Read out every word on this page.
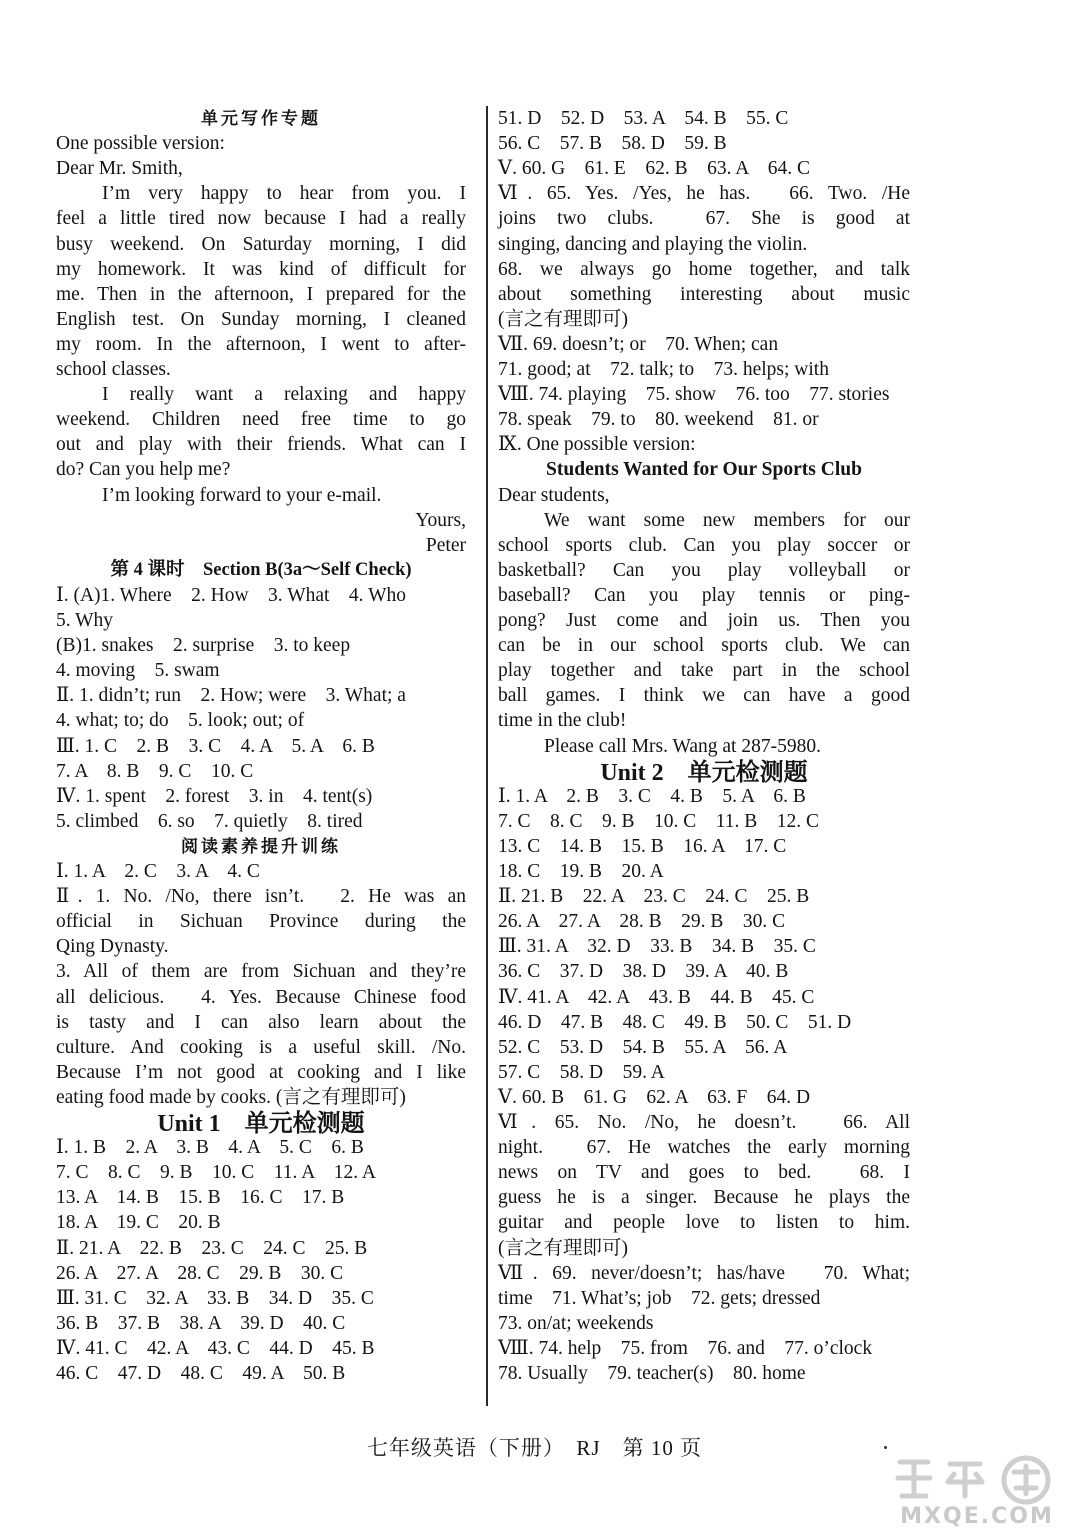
单元写作专题
One possible version:
Dear Mr. Smith,
I’m very happy to hear from you. I
feel a little tired now because I had a really
busy weekend. On Saturday morning, I did
my homework. It was kind of difficult for
me. Then in the afternoon, I prepared for the
English test. On Sunday morning, I cleaned
my room. In the afternoon, I went to after-
school classes.
I really want a relaxing and happy
weekend. Children need free time to go
out and play with their friends. What can I
do? Can you help me?
I’m looking forward to your e-mail.
Yours,
Peter
第 4 课时　Section B(3a～Self Check)
Ⅰ. (A)1. Where　2. How　3. What　4. Who
5. Why
(B)1. snakes　2. surprise　3. to keep
4. moving　5. swam
Ⅱ. 1. didn’t; run　2. How; were　3. What; a
4. what; to; do　5. look; out; of
Ⅲ. 1. C　2. B　3. C　4. A　5. A　6. B
7. A　8. B　9. C　10. C
Ⅳ. 1. spent　2. forest　3. in　4. tent(s)
5. climbed　6. so　7. quietly　8. tired
阅读素养提升训练
Ⅰ. 1. A　2. C　3. A　4. C
Ⅱ. 1. No. /No, there isn’t.　2. He was an
official in Sichuan Province during the
Qing Dynasty.
3. All of them are from Sichuan and they’re
all delicious.　4. Yes. Because Chinese food
is tasty and I can also learn about the
culture. And cooking is a useful skill. /No.
Because I’m not good at cooking and I like
eating food made by cooks. (言之有理即可)
Unit 1　单元检测题
Ⅰ. 1. B　2. A　3. B　4. A　5. C　6. B
7. C　8. C　9. B　10. C　11. A　12. A
13. A　14. B　15. B　16. C　17. B
18. A　19. C　20. B
Ⅱ. 21. A　22. B　23. C　24. C　25. B
26. A　27. A　28. C　29. B　30. C
Ⅲ. 31. C　32. A　33. B　34. D　35. C
36. B　37. B　38. A　39. D　40. C
Ⅳ. 41. C　42. A　43. C　44. D　45. B
46. C　47. D　48. C　49. A　50. B
51. D　52. D　53. A　54. B　55. C
56. C　57. B　58. D　59. B
Ⅴ. 60. G　61. E　62. B　63. A　64. C
Ⅵ. 65. Yes. /Yes, he has.　66. Two. /He
joins two clubs.　67. She is good at
singing, dancing and playing the violin.
68. we always go home together, and talk
about something interesting about music
(言之有理即可)
Ⅶ. 69. doesn’t; or　70. When; can
71. good; at　72. talk; to　73. helps; with
Ⅷ. 74. playing　75. show　76. too　77. stories
78. speak　79. to　80. weekend　81. or
Ⅸ. One possible version:
Students Wanted for Our Sports Club
Dear students,
We want some new members for our
school sports club. Can you play soccer or
basketball? Can you play volleyball or
baseball? Can you play tennis or ping-
pong? Just come and join us. Then you
can be in our school sports club. We can
play together and take part in the school
ball games. I think we can have a good
time in the club!
Please call Mrs. Wang at 287-5980.
Unit 2　单元检测题
Ⅰ. 1. A　2. B　3. C　4. B　5. A　6. B
7. C　8. C　9. B　10. C　11. B　12. C
13. C　14. B　15. B　16. A　17. C
18. C　19. B　20. A
Ⅱ. 21. B　22. A　23. C　24. C　25. B
26. A　27. A　28. B　29. B　30. C
Ⅲ. 31. A　32. D　33. B　34. B　35. C
36. C　37. D　38. D　39. A　40. B
Ⅳ. 41. A　42. A　43. B　44. B　45. C
46. D　47. B　48. C　49. B　50. C　51. D
52. C　53. D　54. B　55. A　56. A
57. C　58. D　59. A
Ⅴ. 60. B　61. G　62. A　63. F　64. D
Ⅵ. 65. No. /No, he doesn’t.　66. All
night.　67. He watches the early morning
news on TV and goes to bed.　68. I
guess he is a singer. Because he plays the
guitar and people love to listen to him.
(言之有理即可)
Ⅶ. 69. never/doesn’t; has/have　70. What;
time　71. What’s; job　72. gets; dressed
73. on/at; weekends
Ⅷ. 74. help　75. from　76. and　77. o’clock
78. Usually　79. teacher(s)　80. home
七年级英语（下册）　RJ　第 10 页
MXQE.COM
